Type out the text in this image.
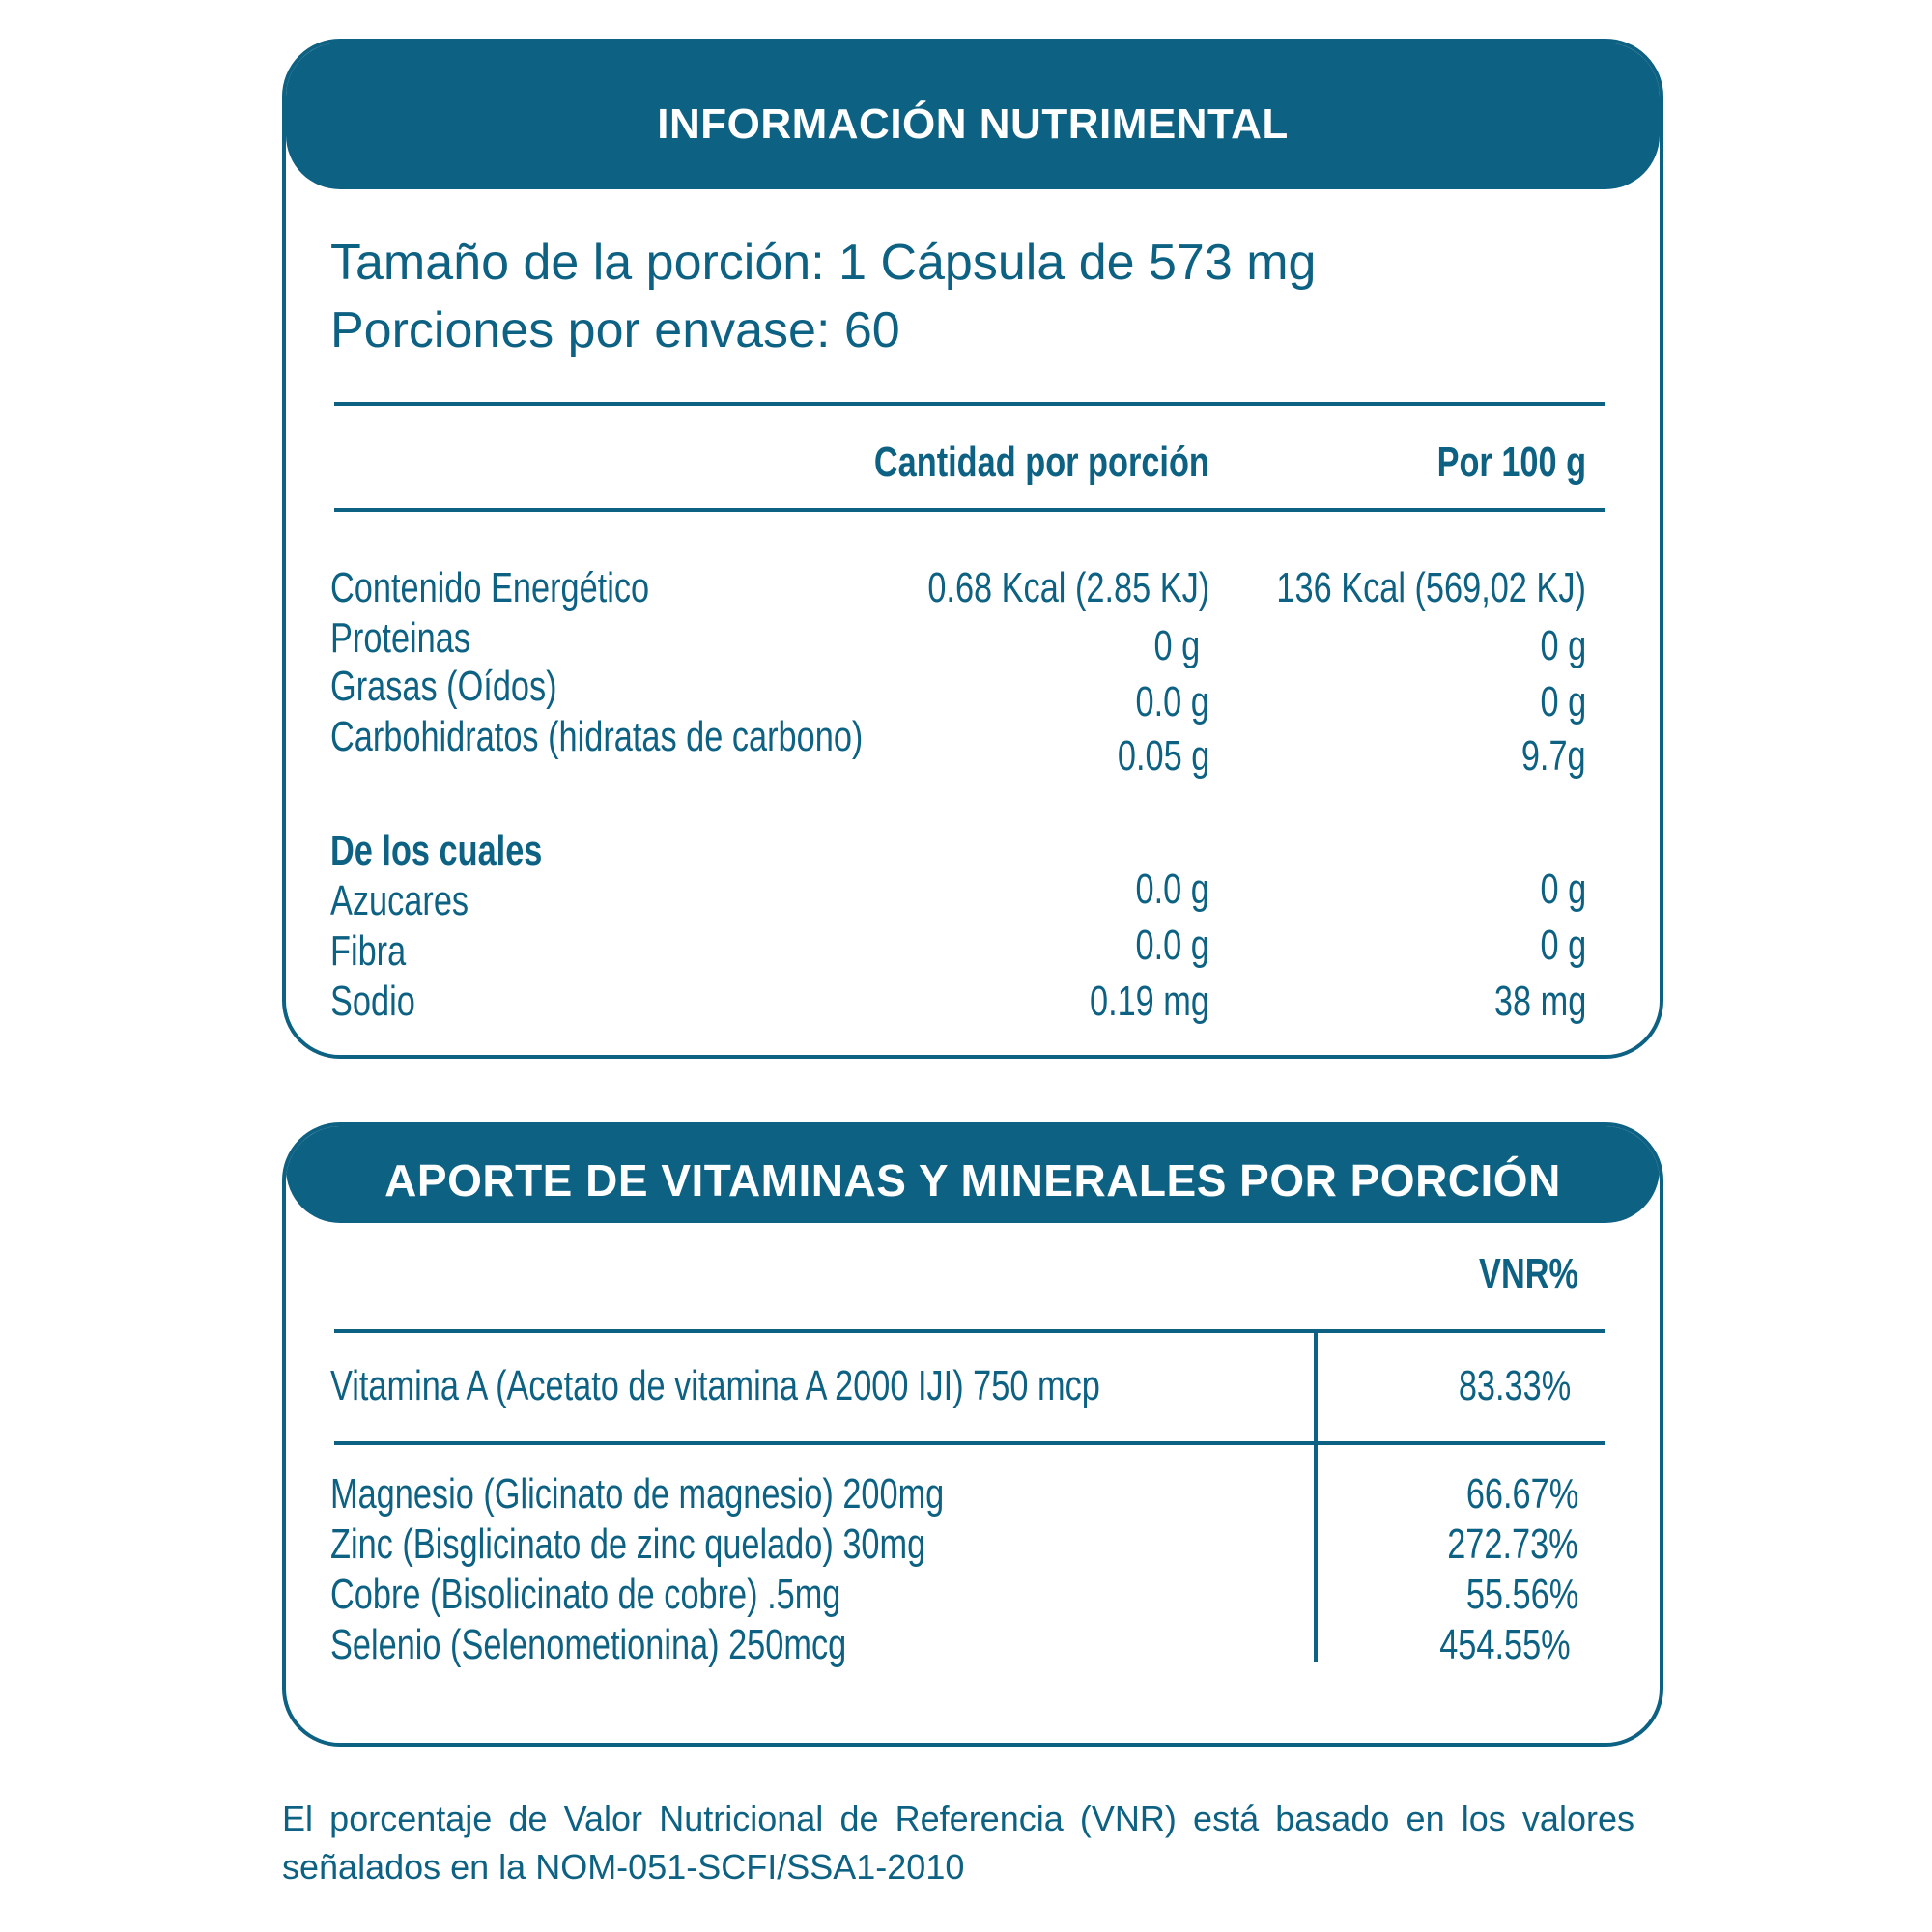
INFORMACIÓN NUTRIMENTAL
Tamaño de la porción: 1 Cápsula de 573 mg
Porciones por envase: 60
Cantidad por porción	Por 100 g
Contenido Energético	0.68 Kcal (2.85 KJ) 136 Kcal (569,02 KJ)
Proteinas	0 g	0 g
Grasas (Oídos)	0.0 g	0 g
Carbohidratos (hidratas de carbono)	0.05 g	9.7g
De los cuales
Azucares	0.0 g	0 g
Fibra	0.0 g	0 g
Sodio	0.19 mg	38 mg
APORTE DE VITAMINAS Y MINERALES POR PORCIÓN
VNR%
Vitamina A (Acetato de vitamina A 2000 IJI) 750 mcp	83.33%
Magnesio (Glicinato de magnesio) 200mg	66.67%
Zinc (Bisglicinato de zinc quelado) 30mg	272.73%
Cobre (Bisolicinato de cobre) .5mg	55.56%
Selenio (Selenometionina) 250mcg	454.55%
El porcentaje de Valor Nutricional de Referencia (VNR) está basado en los valores señalados en la NOM-051-SCFI/SSA1-2010
